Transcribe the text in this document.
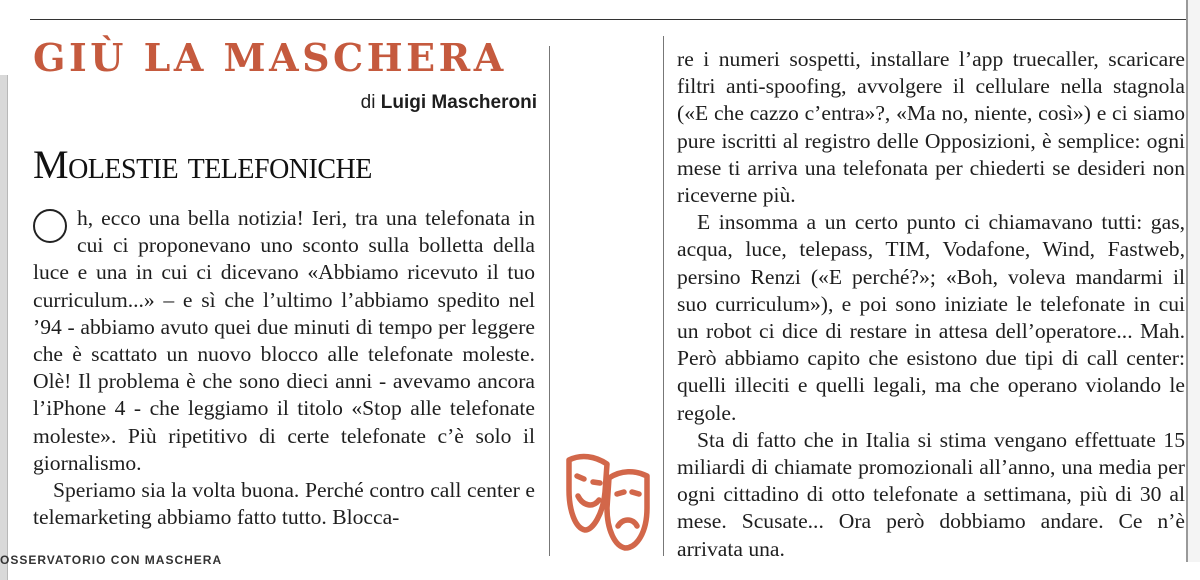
GIÙ LA MASCHERA

di Luigi Mascheroni

Molestie telefoniche

h, ecco una bella notizia! Ieri, tra una telefonata in cui ci proponevano uno sconto sulla bolletta della luce e una in cui ci dicevano «Abbiamo ricevuto il tuo curriculum...» – e sì che l’ultimo l’abbiamo spedito nel ’94 - abbiamo avuto quei due minuti di tempo per leggere che è scattato un nuovo blocco alle telefonate moleste. Olè! Il problema è che sono dieci anni - avevamo ancora l’iPhone 4 - che leggiamo il titolo «Stop alle telefonate moleste». Più ripetitivo di certe telefonate c’è solo il giornalismo.

Speriamo sia la volta buona. Perché contro call center e telemarketing abbiamo fatto tutto. Blocca-

re i numeri sospetti, installare l’app truecaller, scaricare filtri anti-spoofing, avvolgere il cellulare nella stagnola («E che cazzo c’entra»?, «Ma no, niente, così») e ci siamo pure iscritti al registro delle Opposizioni, è semplice: ogni mese ti arriva una telefonata per chiederti se desideri non riceverne più.

E insomma a un certo punto ci chiamavano tutti: gas, acqua, luce, telepass, TIM, Vodafone, Wind, Fastweb, persino Renzi («E perché?»; «Boh, voleva mandarmi il suo curriculum»), e poi sono iniziate le telefonate in cui un robot ci dice di restare in attesa dell’operatore... Mah. Però abbiamo capito che esistono due tipi di call center: quelli illeciti e quelli legali, ma che operano violando le regole.

Sta di fatto che in Italia si stima vengano effettuate 15 miliardi di chiamate promozionali all’anno, una media per ogni cittadino di otto telefonate a settimana, più di 30 al mese. Scusate... Ora però dobbiamo andare. Ce n’è arrivata una.

OSSERVATORIO CON MASCHERA
